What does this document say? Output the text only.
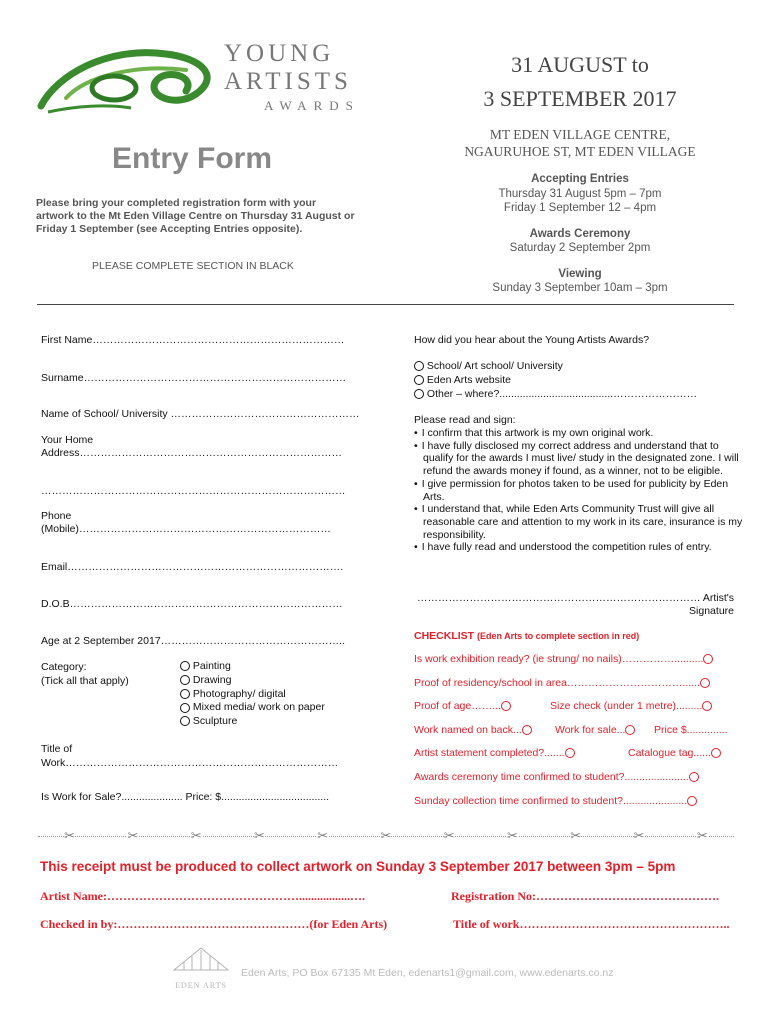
YOUNG
ARTISTS
AWARDS
Entry Form
Please bring your completed registration form with your artwork to the Mt Eden Village Centre on Thursday 31 August or Friday 1 September (see Accepting Entries opposite).
PLEASE COMPLETE SECTION IN BLACK
31 AUGUST to
3 SEPTEMBER 2017
MT EDEN VILLAGE CENTRE,
NGAURUHOE ST, MT EDEN VILLAGE
Accepting Entries
Thursday 31 August 5pm – 7pm
Friday 1 September 12 – 4pm
Awards Ceremony
Saturday 2 September 2pm
Viewing
Sunday 3 September 10am – 3pm
First Name………………………………………………………………
Surname…………………………………………………………………
Name of School/ University ………………………………………………
Your Home
Address…………………………………………………………………
……………………………………………………………………………
Phone
(Mobile)………………………………………………………………
Email…………………………………………………………………….
D.O.B……………………………………………………………………
Age at 2 September 2017……………………………………………..
Category:
(Tick all that apply)
Painting
Drawing
Photography/ digital
Mixed media/ work on paper
Sculpture
Title of
Work……………………………………………………………………
Is Work for Sale?..................... Price: $.....................................
How did you hear about the Young Artists Awards?
School/ Art school/ University
Eden Arts website
Other – where?.......................................……………………
Please read and sign:
• I confirm that this artwork is my own original work.
• I have fully disclosed my correct address and understand that to qualify for the awards I must live/ study in the designated zone. I will refund the awards money if found, as a winner, not to be eligible.
• I give permission for photos taken to be used for publicity by Eden Arts.
• I understand that, while Eden Arts Community Trust will give all reasonable care and attention to my work in its care, insurance is my responsibility.
• I have fully read and understood the competition rules of entry.
……………………………………………………………………… Artist's
Signature
CHECKLIST (Eden Arts to complete section in red)
Is work exhibition ready? (ie strung/ no nails)……………..........
Proof of residency/school in area……………………………......
Proof of age……...	Size check (under 1 metre).........
Work named on back...	Work for sale...	Price $..............
Artist statement completed?.......	Catalogue tag......
Awards ceremony time confirmed to student?......................
Sunday collection time confirmed to student?......................
✂	✂	✂	✂	✂	✂	✂	✂	✂	✂	✂
This receipt must be produced to collect artwork on Sunday 3 September 2017 between 3pm – 5pm
Artist Name:………………………………………….................….	Registration No:……………………………………….
Checked in by:…………………………………………(for Eden Arts)	Title of work……………………………………………..
EDEN ARTS
Eden Arts, PO Box 67135 Mt Eden, edenarts1@gmail.com, www.edenarts.co.nz
